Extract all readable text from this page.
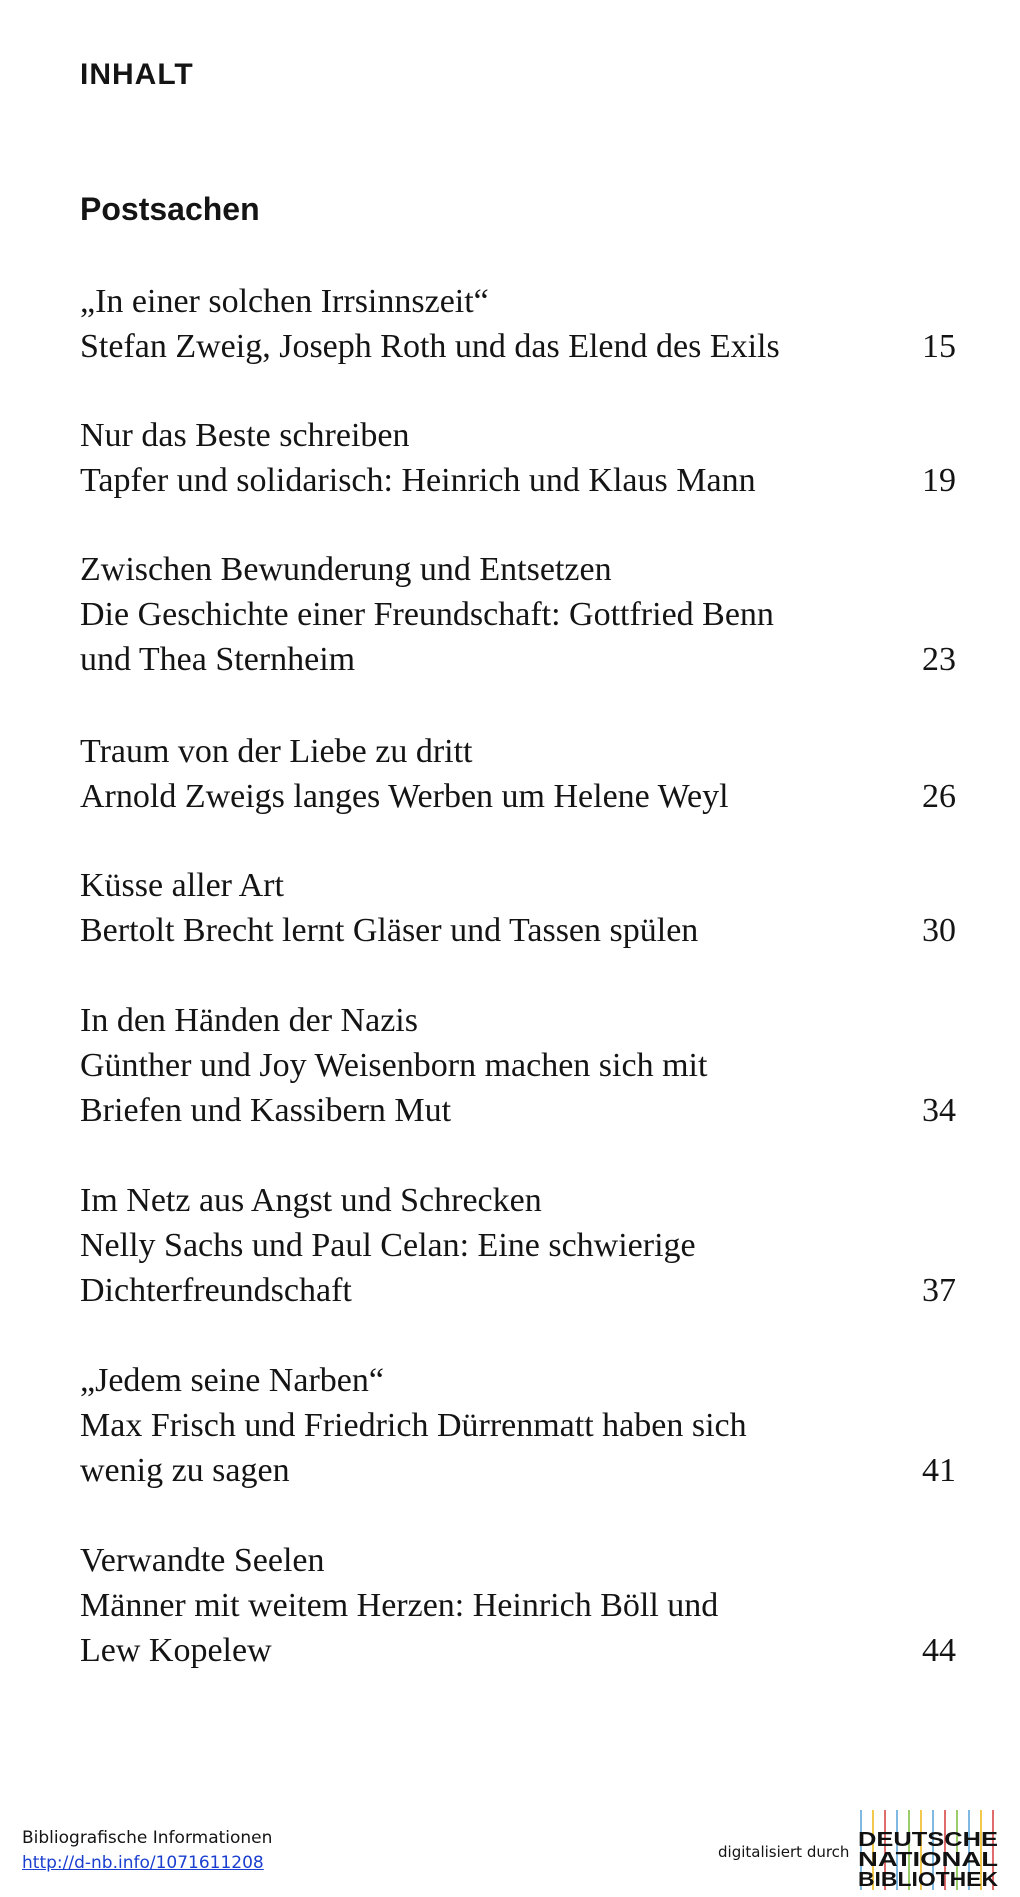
INHALT
Postsachen
„In einer solchen Irrsinnszeit“
Stefan Zweig, Joseph Roth und das Elend des Exils	15
Nur das Beste schreiben
Tapfer und solidarisch: Heinrich und Klaus Mann	19
Zwischen Bewunderung und Entsetzen
Die Geschichte einer Freundschaft: Gottfried Benn
und Thea Sternheim	23
Traum von der Liebe zu dritt
Arnold Zweigs langes Werben um Helene Weyl	26
Küsse aller Art
Bertolt Brecht lernt Gläser und Tassen spülen	30
In den Händen der Nazis
Günther und Joy Weisenborn machen sich mit
Briefen und Kassibern Mut	34
Im Netz aus Angst und Schrecken
Nelly Sachs und Paul Celan: Eine schwierige
Dichterfreundschaft	37
„Jedem seine Narben“
Max Frisch und Friedrich Dürrenmatt haben sich
wenig zu sagen	41
Verwandte Seelen
Männer mit weitem Herzen: Heinrich Böll und
Lew Kopelew	44
Bibliografische Informationen
http://d-nb.info/1071611208
digitalisiert durch
DEUTSCHE
NATIONAL
BIBLIOTHEK
